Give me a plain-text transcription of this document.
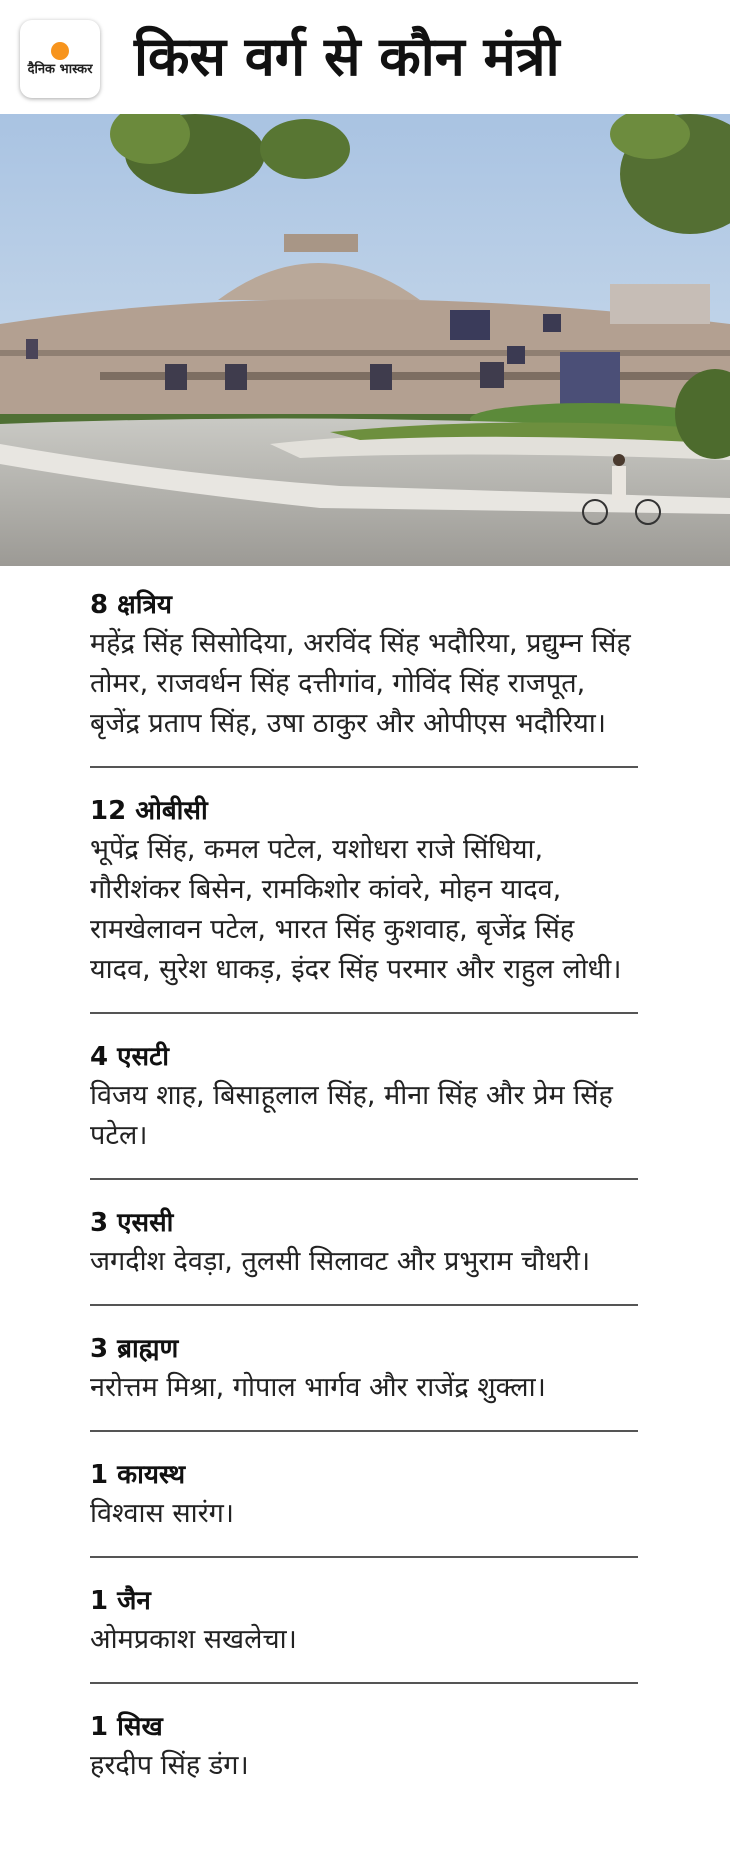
दैनिक भास्कर किस वर्ग से कौन मंत्री
8 क्षत्रिय
महेंद्र सिंह सिसोदिया, अरविंद सिंह भदौरिया, प्रद्युम्न सिंह तोमर, राजवर्धन सिंह दत्तीगांव, गोविंद सिंह राजपूत, बृजेंद्र प्रताप सिंह, उषा ठाकुर और ओपीएस भदौरिया।
12 ओबीसी
भूपेंद्र सिंह, कमल पटेल, यशोधरा राजे सिंधिया, गौरीशंकर बिसेन, रामकिशोर कांवरे, मोहन यादव, रामखेलावन पटेल, भारत सिंह कुशवाह, बृजेंद्र सिंह यादव, सुरेश धाकड़, इंदर सिंह परमार और राहुल लोधी।
4 एसटी
विजय शाह, बिसाहूलाल सिंह, मीना सिंह और प्रेम सिंह पटेल।
3 एससी
जगदीश देवड़ा, तुलसी सिलावट और प्रभुराम चौधरी।
3 ब्राह्मण
नरोत्तम मिश्रा, गोपाल भार्गव और राजेंद्र शुक्ला।
1 कायस्थ
विश्वास सारंग।
1 जैन
ओमप्रकाश सखलेचा।
1 सिख
हरदीप सिंह डंग।
